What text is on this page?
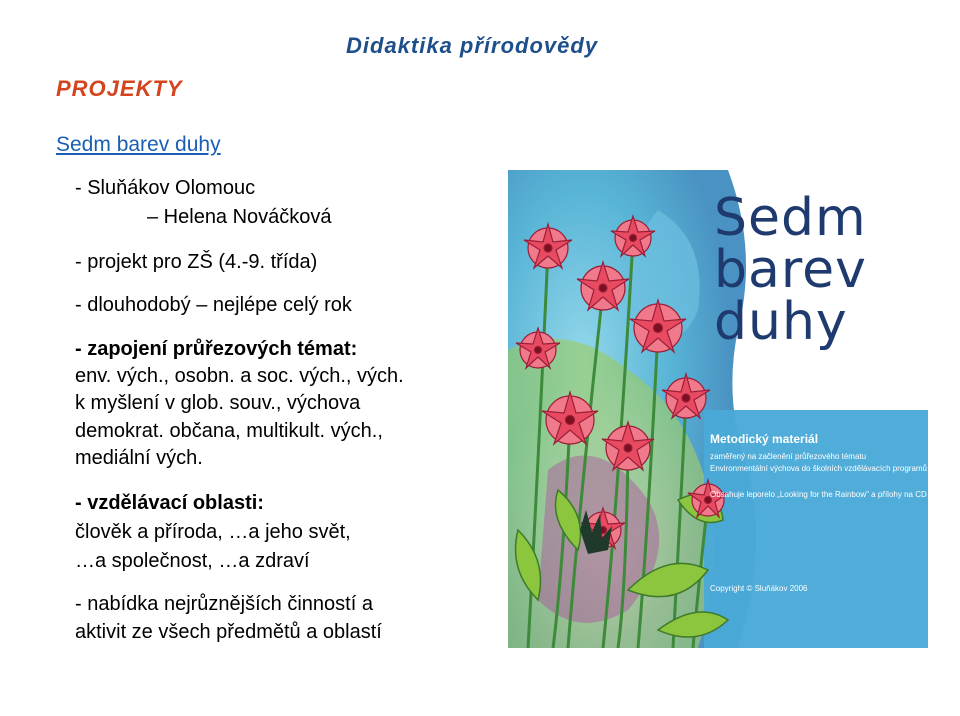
Didaktika přírodovědy
PROJEKTY
Sedm barev duhy
- Sluňákov Olomouc
– Helena Nováčková
- projekt pro ZŠ (4.-9. třída)
- dlouhodobý – nejlépe celý rok
- zapojení průřezových témat:
env. vých., osobn. a soc. vých., vých.
k myšlení v glob. souv., výchova
demokrat. občana, multikult. vých.,
mediální vých.
- vzdělávací oblasti:
člověk a příroda, …a jeho svět,
…a společnost, …a zdraví
- nabídka nejrůznějších činností a
aktivit ze všech předmětů a oblastí
Sedm
barev
duhy
Metodický materiál
zaměřený na začlenění průřezového tématu
Environmentální výchova do školních vzdělávacích programů
Obsahuje leporelo „Looking for the Rainbow" a přílohy na CD
Copyright © Sluňákov 2006
